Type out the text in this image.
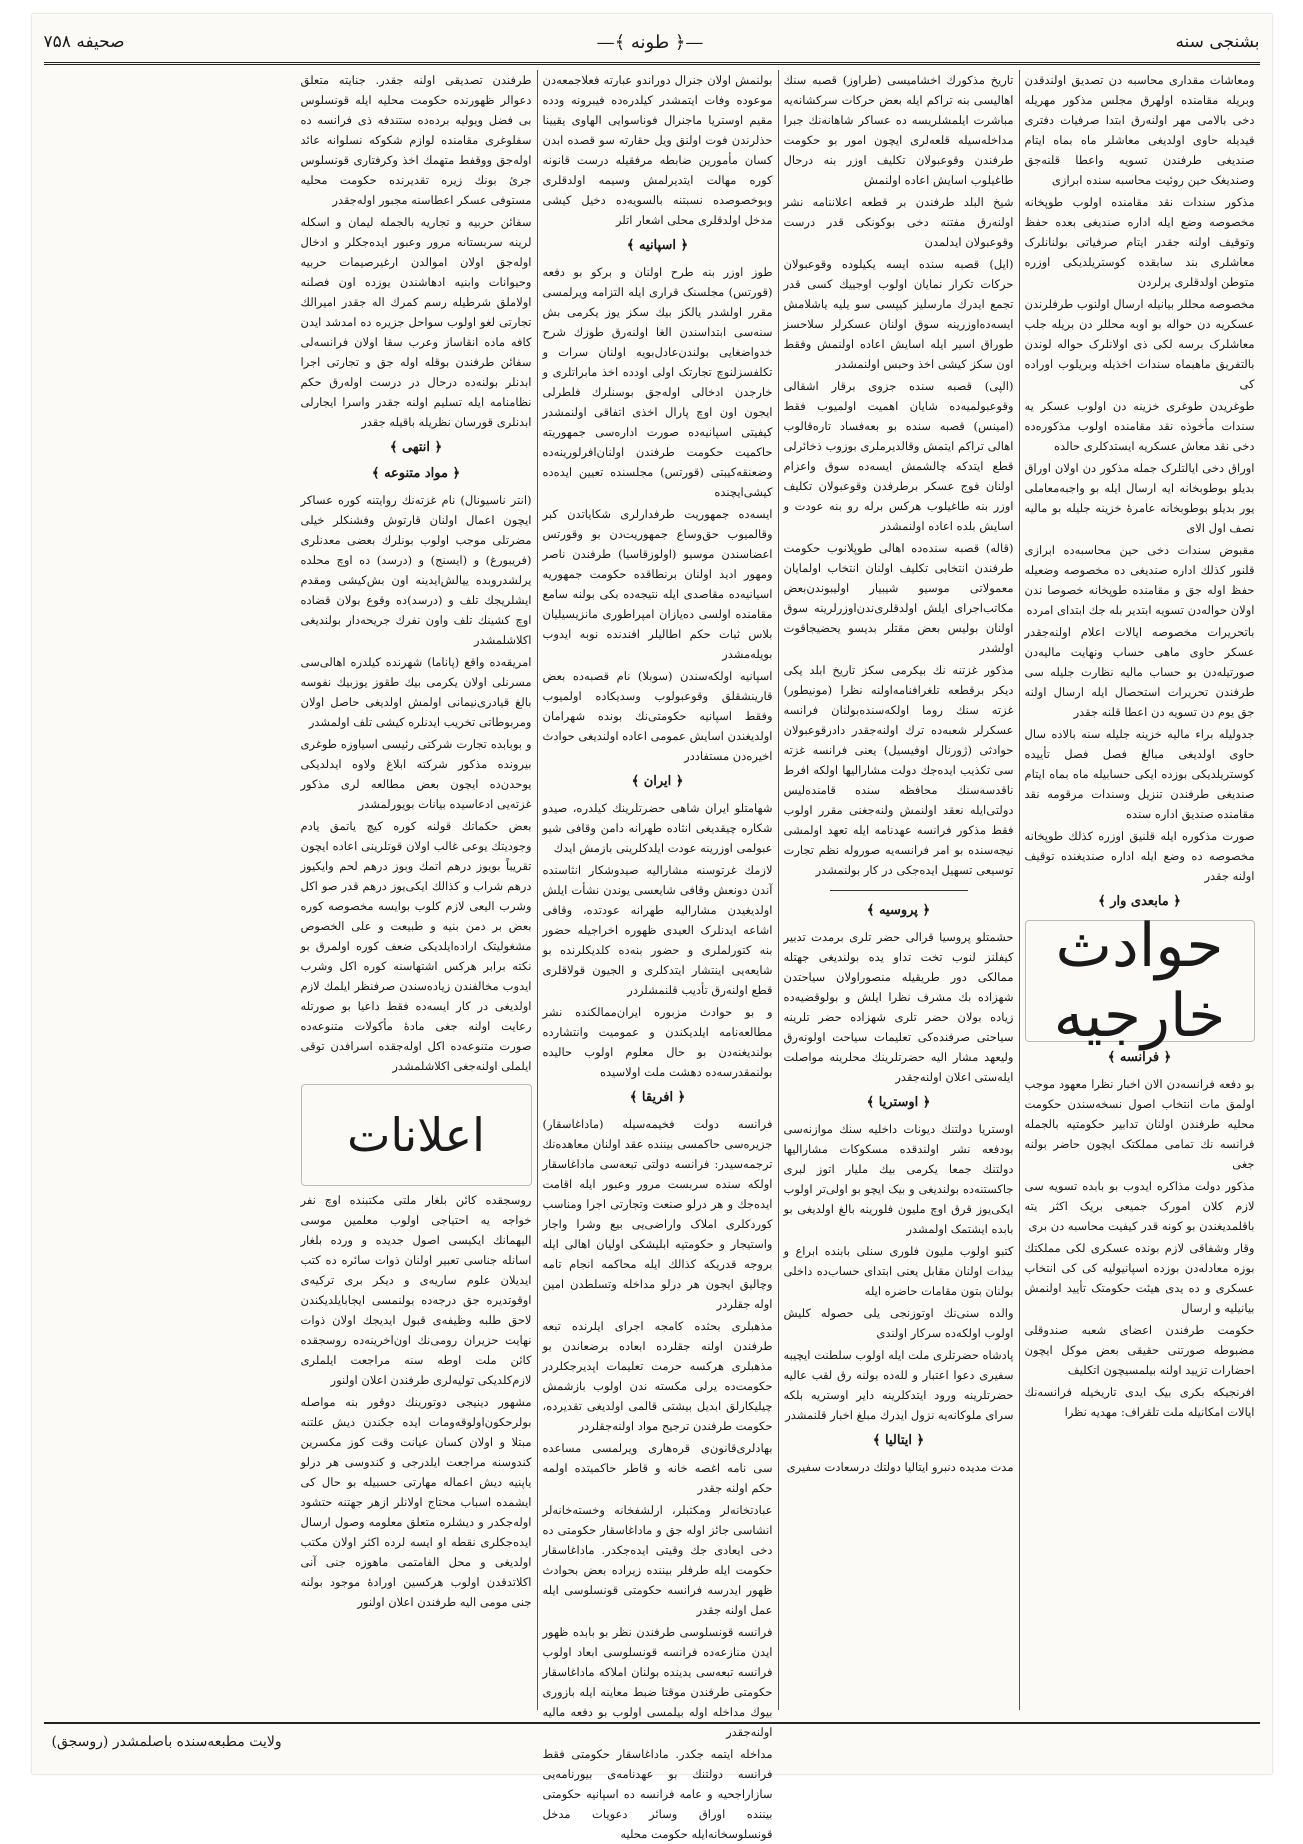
بشنجی سنه
—﴿ طونه ﴾—
صحیفه ۷۵۸

ومعاشات مقداری محاسبه دن تصدیق اولندقدن وبریله مقامنده اولهرق مجلس مذکور مهریله دخی بالامی مهر اولنه‌رق ابتدا صرفیات دفتری قیدیله حاوی اولدیغی معاشلر ماه بماه ایتام صندیغی طرفندن تسویه واعطا قلنه‌جق وصندیغک حین روئیت محاسبه سنده ابرازی

مذکور سندات نقد مقامنده اولوب طوپخانه مخصوصه وضع ایله اداره صندیغی بعده حفظ وتوقیف اولنه جقدر ایتام صرفیاتی بولنانلرک معاشلری بند سابقده کوستریلدیکی اوزره متوطن اولدقلری یرلردن

مخصوصه محللر بیانیله ارسال اولنوب طرفلرندن عسکریه دن حواله بو اوبه محللر دن بریله جلب معاشلرک برسه لکی ذی اولانلرک حواله لوندن بالتفریق ماهبماه سندات اخذیله وبریلوب اوراده کی

طوغریدن طوغری خزینه دن اولوب عسکر یه سندات مأخوذه نقد مقامنده اولوب مذکوره‌ده دخی نقد معاش عسکریه ایستدکلری حالده

اوراق دخی ایالتلرک جمله مذکور دن اولان اوراق بدیلو بوطوبخانه ایه ارسال ایله بو واجبه‌معاملی یور بدیلو بوطوبخانه عامرهٔ خزینه جلیله بو مالیه ‌‌نصف اول الای

مقبوض سندات دخی حین محاسبه‌ده ابرازی قلنور کذلك اداره صندیغی ده مخصوصه وضعیله حفظ اوله جق و مقامنده طوپخانه خصوصا ندن اولان حواله‌دن تسویه ابتدیر بله جك ابتدای امر‌ده

باتحریرات مخصوصه ایالات اعلام اولنه‌جقدر عسکر حاوی ماهی حساب ونهایت مالیه‌دن صورتیله‌دن بو حساب مالیه نظارت جلیله سی طرفندن تحریرات استحصال ایله ارسال اولنه جق یوم دن تسویه دن اعطا قلنه جقدر

جدولیله براء مالیه خزینه جلیله سنه بالاده سال حاوی اولدیغی مبالغ فصل فصل تأییده کوستریلدیکی بوزده ایکی حسابیله ماه بماه ایتام صندیغی طرفندن تنزیل وسندات مرقومه نقد مقامنده صندیق اداره سنده

صورت مذکوره ایله قلنیق اوزره کذلك طوپخانه مخصوصه ده وضع ایله اداره صندیغنده توقیف اولنه جقدر

﴿ مابعدی وار ﴾
حوادث خارجیه
﴿ فرانسه ﴾

بو دفعه فرانسه‌دن الان اخبار نظرا معهود موجب اولمق مات انتخاب اصول نسخه‌سندن حکومت محلیه طرفندن اولنان تدابیر حکومتیه بالجمله فرانسه نك تمامی مملکتک ایچون حاضر بولنه جغی

مذکور دولت مذاکره ایدوب بو بابده تسویه سی لازم کلان امورک جمیعی بریک اکثر یته باقلمدیغندن بو کونه قدر کیفیت محاسبه دن بری

وقار وشفاقی لازم بونده عسکری لکی مملکتك بوزه معادله‌دن بوزده اسپانیولیه کی کی انتخاب عسکری و ده یدی هیئت حکومتک تأیید اولنمش بیانیلیه و ارسال

حکومت طرفندن اعضای شعبه صندوقلی مضبوطه صورتنی حقیقی بعض موکل ایچون احضارات تزیید اولنه بیلمسیچون اتکلیف

افرنجیکه بکری بیک ایدی تاریخیله فرانسه‌نك ایالات امکانیله ملت تلقراف: مهدیه نظرا

تاریخ مذکورك اخشامیسی (طراوز) قصبه سنك اهالیسی بنه تراكم ایله بعض حرکات سرکشانه‌یه مباشرت ایلمشلریسه ده عساکر شاهانه‌نك جبرا مداخله‌سیله قلعه‌لری ایچون امور بو حکومت طرفندن وقوعبولان تکلیف اوزر بنه درحال طاغیلوب اسایش اعاده اولنمش

شیخ البلد طرفندن بر قطعه اعلاننامه نشر اولنه‌رق مفتنه دخی بوکونکی قدر درست وقوعبولان ایدلمدن

(ایل) قصبه سنده ایسه یکیلوده وقوعبولان حرکات تکرار نمایان اولوب اوجییك کسی قدر تجمع ایدرك مارسلیز کیپسی سو یلیه یاشلامش ایسه‌ده‌اوزرینه سوق اولنان عسکرلر سلاحسز طوراق اسیر ایله اسایش اعاده اولنمش وفقط اون سکز کیشی اخذ وحبس اولنمشدر

(الپی) قصبه سنده جزوی برقار اشقالی وقوعبولمیه‌ده شایان اهمیت اولمیوب فقط (امینس) قصبه سنده بو بعه‌فساد تاره‌قالوب اهالی تراکم ایتمش وقالدیرملری بوزوب ذخائرلی قطع ایتدکه چالشمش ایسه‌ده سوق واعزام اولنان فوج عسکر برطرفدن وقوعبولان تکلیف اوزر بنه طاغیلوب هرکس برله رو بنه عودت و اسایش بلده اعاده اولنمشدر

(قاله) قصبه سنده‌ده اهالی طوپلانوب حکومت طرفندن انتخابی تکلیف اولنان انتخاب اولمایان معمولاتی موسیو شیبیار اولیبوندن‌بعض مکاتب‌اجرای ایلش اولدقلری‌ندن‌اوزرلرینه سوق اولنان بولیس بعض مقتلر بدیسو یحضیجاقوت اولشدر

مذکور غزتنه نك بیکرمی سکز تاریخ ابلد یکی دیکر برقطعه تلغرافنامه‌اولنه نظرا (مونیطور) غزته سنك روما اولکه‌سنده‌بولنان فرانسه عسکرلر شعبه‌ده ترك اولنه‌جقدر دادرقوعبولان حوادثی (ژورنال اوفیسیل) یعنی فرانسه غزته سی تکذیب ایده‌جك دولت مشارالیها اولکه افرط ناقدسه‌سنك محافظه سنده قامنده‌لیس دولتی‌ایله نعقد اولنمش ولنه‌جغنی مقرر اولوب فقط مذکور فرانسه عهدنامه ایله تعهد اولمشی نیجه‌سنده بو امر فرانسه‌یه صوروله نظم تجارت توسیعی تسهیل ایده‌جکی در کار بولنمشدر

﴿ پروسیه ﴾

حشمتلو پروسیا قرالی حضر تلری برمدت تدبیر کیفلنز لنوب تخت تداو یده بولندیغی جهتله ممالکی دور طریقیله منصوراولان سیاحتدن شهزاده بك مشرف نظرا ایلش و بولوقضیه‌ده زیاده بولان حضر تلری شهزاده حضر تلرینه سیاحتی صرفنده‌کی تعلیمات سیاحت اولونه‌رق ولیعهد مشار الیه حضرتلرینك محلرینه مواصلت ایله‌ستی اعلان اولنه‌جقدر

﴿ اوستریا ﴾

اوستریا دولتنك دیونات داخلیه سنك موازنه‌سی بودفعه نشر اولندقده مسکوکات مشارالیها دولتنك جمعا یکرمی بیك ملیار اتوز لبری جاکستنه‌ده بولندیغی و بیک ایچو بو اولی‌تر اولوب ایکی‌یوز قرق اوچ ملیون فلورینه بالغ اولدیغی بو بابده ایشتمک اولمشدر

کتبو اولوب ملیون فلوری سنلی بابند‌ه ابراع و بیدات اولنان مقابل یعنی ابتدای حساب‌ده داخلی بولنان بتون مقامات حاضره ایله

والده سنی‌نك اوتوزنجی یلی حصوله کلیش اولوب اولکه‌ده سرکار اولندی

پادشاه حضرتلری ملت ایله اولوب سلطنت ایچیبه سفیری دعوا اعتبار و لله‌ده بولنه رق لقب عالیه حضرتلرینه ورود ایتدکلرینه دایر اوستریه بلکه سرای ملوکانه‌یه نزول ایدرك مبلغ اخبار قلنمشدر

﴿ ایتالیا ﴾

مدت مدیده دنبرو ایتالیا دولتك درسعادت سفیری

بولنمش اولان جنرال دوراندو عبارته فعلاجمعه‌دن موعوده وفات ایتمشدر کیلدره‌ده فیبرونه ودده مقیم اوستریا ماجنرال فوناسوایی الهاوی یقیینا حذلرندن فوت اولنق ویل حقارته سو قصده ابدن کسان مأمورین ضابطه مرفقیله درست قانونه کوره مهالت ایتدیرلمش وسیمه اولدقلری وبوخصوصده نسبتنه بالسویه‌ده دخیل کیشی مدخل اولدقلری محلی اشعار اتلر

﴿ اسپانیه ﴾

طوز اوزر بنه طرح اولنان و برکو بو دفعه (قورتس) مجلسنک قراری ایله التزامه ویرلمسی مقرر اولشدر یالکز بیك سکز یوز یکرمی بش سنه‌سی ابتداسندن الغا اولنه‌رق طوزك شرح خدواضغایی بولندن‌عادل‌بویه اولنان سرات و تکلفسزلنوچ تجارتک اولی اودده اخذ مابراتلری و خارجدن ادخالی اوله‌جق بوسنلرك فلطرلی ایجون اون اوچ پارال اخذی اتفاقی اولنمشدر کیفیتی اسپانیه‌ده صورت اداره‌سی جمهوریته حاکمیت حکومت طرفندن اولنان‌افرلورینه‌ده وضعنقه‌کیبتی (قورتس) مجلسنده تعیین ایده‌ده کیشی‌ایچنده

ایسه‌ده جمهوریت طرفدارلری شکایاتدن کبر وقالمیوب حق‌وساع جمهوریت‌دن بو وقورتس اعضاسندن موسیو (اولوزقاسیا) طرفندن ناصر ومهور ادید اولنان برنطاقده حکومت جمهوریه اسیانیه‌ده مقاصدی ایله نتیجه‌ده بکی بولنه سامع مقامنده اولسی ده‌یازان امپراطوری مانزیسیلیان بلاس ثبات حکم اطالیلر افندنده نوبه ایدوب بویله‌مشدر

اسپانیه اولکه‌سندن (سوبلا) نام قصبه‌ده بعض قارینشقلق وقوعبولوب وسدیکاده اولمیوب وفقط اسپانیه حکومتی‌نك بونده شهرامان اولدیغندن اسایش عمومی اعاده اولندیغی حوادث اخیره‌دن مستفاددر

﴿ ایران ﴾

شهامتلو ایران شاهی حضرتلرینك کیلدره، صیدو شکاره چیقدیغی انثاده طهرانه دامن وقافی شیو عبولمی اوزرینه عودت ایلدکلرینی بازمش ایدك

لازمك غرتوسنه مشارالیه صیدوشکار انثاسنده آندن دونعش وقافی شایعسی یوندن نشأت ایلش اولدیغیدن مشارالیه طهرانه عودتده، وقافی اشاعه ایدنلرک العیدی ظهوره اخراجیله حضور بنه کتورلملری و حضور بنه‌ده کلدیکلرنده بو شایعه‌یی اینتشار ایتدکلری و الجیون قولاقلری قطع اولنه‌رق تأدیب قلنمشلردر

و بو حوادث مزبوره ایران‌ممالکنده نشر مطالعه‌نامه ایلدیکندن و عمومیت وانتشارده بولندیغنه‌دن بو حال معلوم اولوب حالیده بولنمقدرسه‌ده دهشت ملت اولاسیده

﴿ افریقا ﴾

فرانسه دولت فخیمه‌سیله (ماداغاسقار) جزیره‌سی حاکمسی بیننده عقد اولنان معاهده‌نك ترجمه‌سیدر: فرانسه دولتی تبعه‌سی ماداغاسقار اولکه سنده سربست مرور وعبور ایله اقامت ایده‌جك و هر درلو صنعت وتجارتی اجرا ومناسب کوردکلری املاک واراضی‌یی بیع وشرا واجار واستیجار و حکومتیه ابلیشکی اولیان اهالی ایله بروجه قدریکه کذالك ایله محاکمه انجام تامه وچالیق ایجون هر درلو مداخله وتسلطدن امین اوله جقلردر

مذهبلری بحثده کامجه اجرای ایلرنده تبعه طرفندن اولنه جقلرده ابعاده برضعاندن بو مذهبلری هرکسه حرمت تعلیمات اپدیرجکلردر حکومت‌ده یرلی مکسته ندن اولوب بازشمش چیلیکارلق ابدیل بیشتی قالمی اولدیغی تقدیرده، حکومت طرفندن ترجیح مواد اولنه‌جقلردر

بهادلری‌قانون‌ی قره‌هاری ویرلمسی مساعده سی نامه اغصه خانه و قاطر حاکمیتده اولمه حکم اولنه جقدر

عبادتخانه‌لر ومکتبلر، ارلشفخانه وخسته‌خانه‌لر انشاسی جائز اوله جق و ماداغاسقار حکومتی ده دخی ایعادی جك وقیتی ایده‌جکدر. ماداغاسقار حکومت ایله طرفلر بیننده زیر‌اده بعض بحوادث ظهور ایدرسه فرانسه حکومتی قونسلوسی ایله عمل اولنه جقدر

فرانسه قونسلوسی طرفندن نظر بو بابده ظهور ایدن منازعه‌ده فرانسه قونسلوسی ابعاد اولوب فرانسه تبعه‌سی یدینده بولنان املاکه ماداغاسقار حکومتی طرفندن موقتا ضبط معاینه ایله بازوری بیوك مداخله اوله بیلمسی اولوب بو دفعه مالیه اولنه‌جقدر

مداخله ایتمه جکدر. ماداغاسقار حکومتی فقط فرانسه دولتنك بو عهدنامه‌ی بیورنامه‌یی سازاراجحیه و عامه فرانسه ده اسپانیه حکومتی بیننده اوراق وسائر دعویات مدخل قونسلوسخانه‌ایله حکومت محلیه

طرفندن تصدیقی اولنه جقدر. جنایته متعلق دعوالر ظهورنده حکومت محلیه ایله قونسلوس بی فضل ویولیه برده‌ده ستندفه‌ ذی فرانسه ده سفلوغری مقامنده لوازم شکوکه نسلوانه عائد اوله‌جق ووقفط متهمك اخذ وکرفتاری قونسلوس جرئ بونك زیره تقدیرنده حکومت محلیه مستوفی عسکر اعطاسنه مجبور اوله‌جقدر

سفائن حربیه و تجاریه بالجمله لیمان و اسکله لرینه سربستانه مرور وعبور ایده‌جکلر و ادخال اوله‌جق اولان اموالدن ارغیرصیمات حربیه وحیوانات وابنیه ادهاشندن یوزده اون فصلنه اولاملق شرطیله رسم کمرك اله جقدر امیرالك تجارتی لغو اولوب سواحل جزیره ده امدشد ایدن کافه ماده انقاساز وعرب سقا اولان فرانسه‌لی سفائن طرفندن بوقله‌ اوله جق و تجارتی اجرا ابدنلر بولنه‌ده درحال در درست اوله‌رق حکم نظامنامه ایله تسلیم اولنه جقدر واسرا ایجارلی ابدنلری قورسان نظریله باقیله جقدر

﴿ انتهی ﴾
﴿ مواد متنوعه ﴾

(انتر ناسیونال) نام غزته‌نك روایتنه کوره عساکر ایچون اعمال اولنان قارتوش وفشنکلر خیلی مضرتلی موجب اولوب بونلرك بعضی معدنلری (فریبورغ) و (ایسنج) و (درسد) ده اوچ محلده یرلشدروبده ییالش‌ایدینه اون بش‌کیشی ومقدم ایشلریجك تلف و (درسد)ده وقوع بولان قضاده اوچ کشینك تلف واون نفرك جریحه‌دار بولندیغی اکلاشلمشدر

امریقه‌ده واقع (پاناما) شهرنده کیلدره اهالی‌سی مسرنلی اولان یکرمی بیك طقوز یوزبیك نفوسه بالغ قیادری‌نیمانی اولمش اولدیغی حاصل اولان ومربوطاتی تخریب ایدنلره کیشی تلف اولمشدر

و بوبابده تجارت شرکتی رئیسی اسیاوزه طوغری بیرونده مذکور شرکته ابلاغ ولاوه ایدلدیکی یوحدن‌ده ایچون بعض مطالعه لری مذکور غزته‌یی ادعاسیده بیانات بویورلمشدر

بعض حکماتك قولنه کوره کیچ یاتمق یادم وجودیتك یوعی غالب اولان قوتلرینی اعاده ایچون تقریباً بویوز درهم اتمك وبوز درهم لحم وایکیوز درهم شراب و کذالك ایکی‌یوز درهم قدر صو اکل وشرب الیعی لازم کلوب بوایسه مخصوصه کوره بعض بر دمن بنیه و طبیعت و علی الخصوص مشغولیتک اراده‌ایلدیکی ضعف کوره اولمرق بو نکته برابر هرکس اشتهاسنه کوره اکل وشرب ایدوب مخالفندن زیاده‌سندن صرفنظر ایلمك لازم اولدیغی در کار ایسه‌ده فقط داعیا بو صورتله رعایت اولنه جغی مادهٔ مأکولات متنوعه‌ده صورت متنوعه‌ده اکل اوله‌جقده اسرافدن توقی ایلملی اولنه‌جغی اکلاشلمشدر

اعلانات

روسجقده کائن بلغار ملتی مکتبنده اوچ نفر خواجه یه احتیاجی اولوب معلمین موسی الیهمانك ایکیسی اصول جدیده و ورده بلغار اسانله جناسی تعبیر اولنان ذوات سائره ده کتب ایدیلان علوم ساریه‌ی و دیکر بری ترکیه‌ی اوقوتدیره جق درجه‌ده بولنمسی ایجابایلدیکندن لاحق طلبه وظیفه‌ی قبول ایدیجك اولان ذوات نهایت حزیران رومی‌نك اون‌اخرینه‌ده روسجقده کائن ملت اوطه سنه مراجعت ایلملری لازم‌کلدیکی تولیه‌لری طرفندن اعلان اولنور

مشهور دینیجی دوتورینك دوقور بنه مواصله بولرحکون‌اولوقه‌ومات ایده جکندن دیش علتنه مبتلا و اولان کسان عیانت وقت کوز مکسرین کندوسنه مراجعت ایلدرجی و کندوسی هر درلو یاپنیه دیش اعماله مهارتی حسبیله بو حال کی ایشمده اسباب محتاج اولانلر ازهر جهتنه حتشود اوله‌جکدر و دیشلره متعلق معلومه وصول ارسال ایده‌جکلری نقطه او ایسه لرده اکثر اولان مکتب اولدیغی و محل الفامتمی ماهوزه جنی آنی اکلاتدقدن اولوب هرکسین اورادهٔ موجود بولنه جنی مومی الیه طرفندن اعلان اولنور

ولایت مطبعه‌سنده باصلمشدر (روسجق)
